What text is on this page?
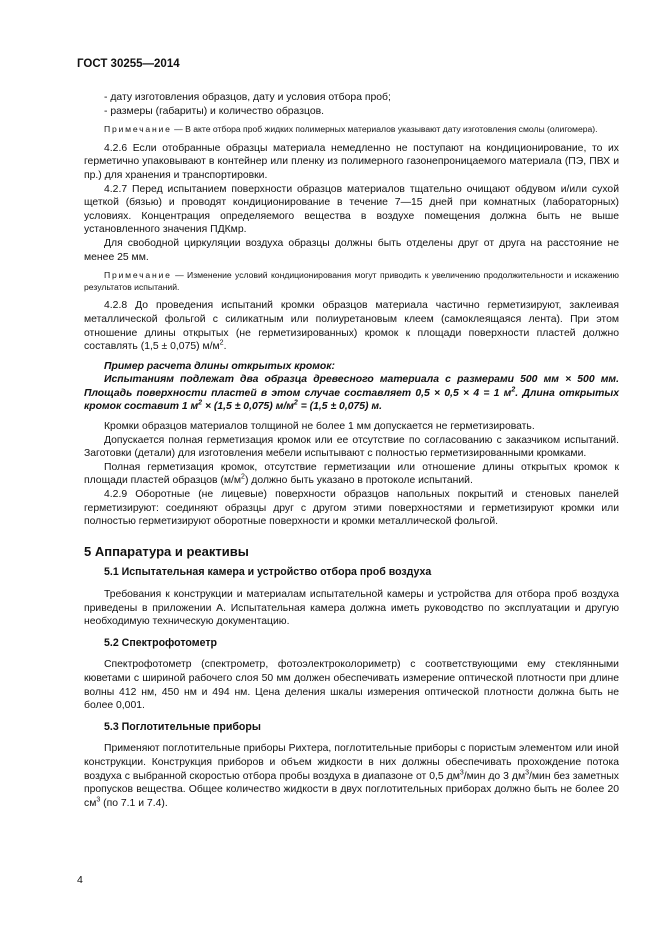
ГОСТ 30255—2014

- дату изготовления образцов, дату и условия отбора проб;

- размеры (габариты) и количество образцов.

Примечание — В акте отбора проб жидких полимерных материалов указывают дату изготовления смолы (олигомера).

4.2.6 Если отобранные образцы материала немедленно не поступают на кондиционирование, то их герметично упаковывают в контейнер или пленку из полимерного газонепроницаемого материала (ПЭ, ПВХ и пр.) для хранения и транспортировки.

4.2.7 Перед испытанием поверхности образцов материалов тщательно очищают обдувом и/или сухой щеткой (бязью) и проводят кондиционирование в течение 7—15 дней при комнатных (лабораторных) условиях. Концентрация определяемого вещества в воздухе помещения должна быть не выше установленного значения ПДКмр.

Для свободной циркуляции воздуха образцы должны быть отделены друг от друга на расстояние не менее 25 мм.

Примечание — Изменение условий кондиционирования могут приводить к увеличению продолжительности и искажению результатов испытаний.

4.2.8 До проведения испытаний кромки образцов материала частично герметизируют, заклеивая металлической фольгой с силикатным или полиуретановым клеем (самоклеящаяся лента). При этом отношение длины открытых (не герметизированных) кромок к площади поверхности пластей должно составлять (1,5 ± 0,075) $м/м^2$.

Пример расчета длины открытых кромок:

Испытаниям подлежат два образца древесного материала с размерами 500 мм × 500 мм. Площадь поверхности пластей в этом случае составляет 0,5 × 0,5 × 4 = 1 $м^2$. Длина открытых кромок составит 1 $м^2 \times (1,5 \pm 0,075) м/м^2 = (1,5 \pm 0,075)$ м.

Кромки образцов материалов толщиной не более 1 мм допускается не герметизировать.

Допускается полная герметизация кромок или ее отсутствие по согласованию с заказчиком испытаний. Заготовки (детали) для изготовления мебели испытывают с полностью герметизированными кромками.

Полная герметизация кромок, отсутствие герметизации или отношение длины открытых кромок к площади пластей образцов $(м/м^2)$ должно быть указано в протоколе испытаний.

4.2.9 Оборотные (не лицевые) поверхности образцов напольных покрытий и стеновых панелей герметизируют: соединяют образцы друг с другом этими поверхностями и герметизируют кромки или полностью герметизируют оборотные поверхности и кромки металлической фольгой.

5 Аппаратура и реактивы
5.1 Испытательная камера и устройство отбора проб воздуха

Требования к конструкции и материалам испытательной камеры и устройства для отбора проб воздуха приведены в приложении А. Испытательная камера должна иметь руководство по эксплуатации и другую необходимую техническую документацию.

5.2 Спектрофотометр

Спектрофотометр (спектрометр, фотоэлектроколориметр) с соответствующими ему стеклянными кюветами с шириной рабочего слоя 50 мм должен обеспечивать измерение оптической плотности при длине волны 412 нм, 450 нм и 494 нм. Цена деления шкалы измерения оптической плотности должна быть не более 0,001.

5.3 Поглотительные приборы

Применяют поглотительные приборы Рихтера, поглотительные приборы с пористым элементом или иной конструкции. Конструкция приборов и объем жидкости в них должны обеспечивать прохождение потока воздуха с выбранной скоростью отбора пробы воздуха в диапазоне от 0,5 $дм^3$/мин до 3 $дм^3$/мин без заметных пропусков вещества. Общее количество жидкости в двух поглотительных приборах должно быть не более 20 $см^3$ (по 7.1 и 7.4).

4
